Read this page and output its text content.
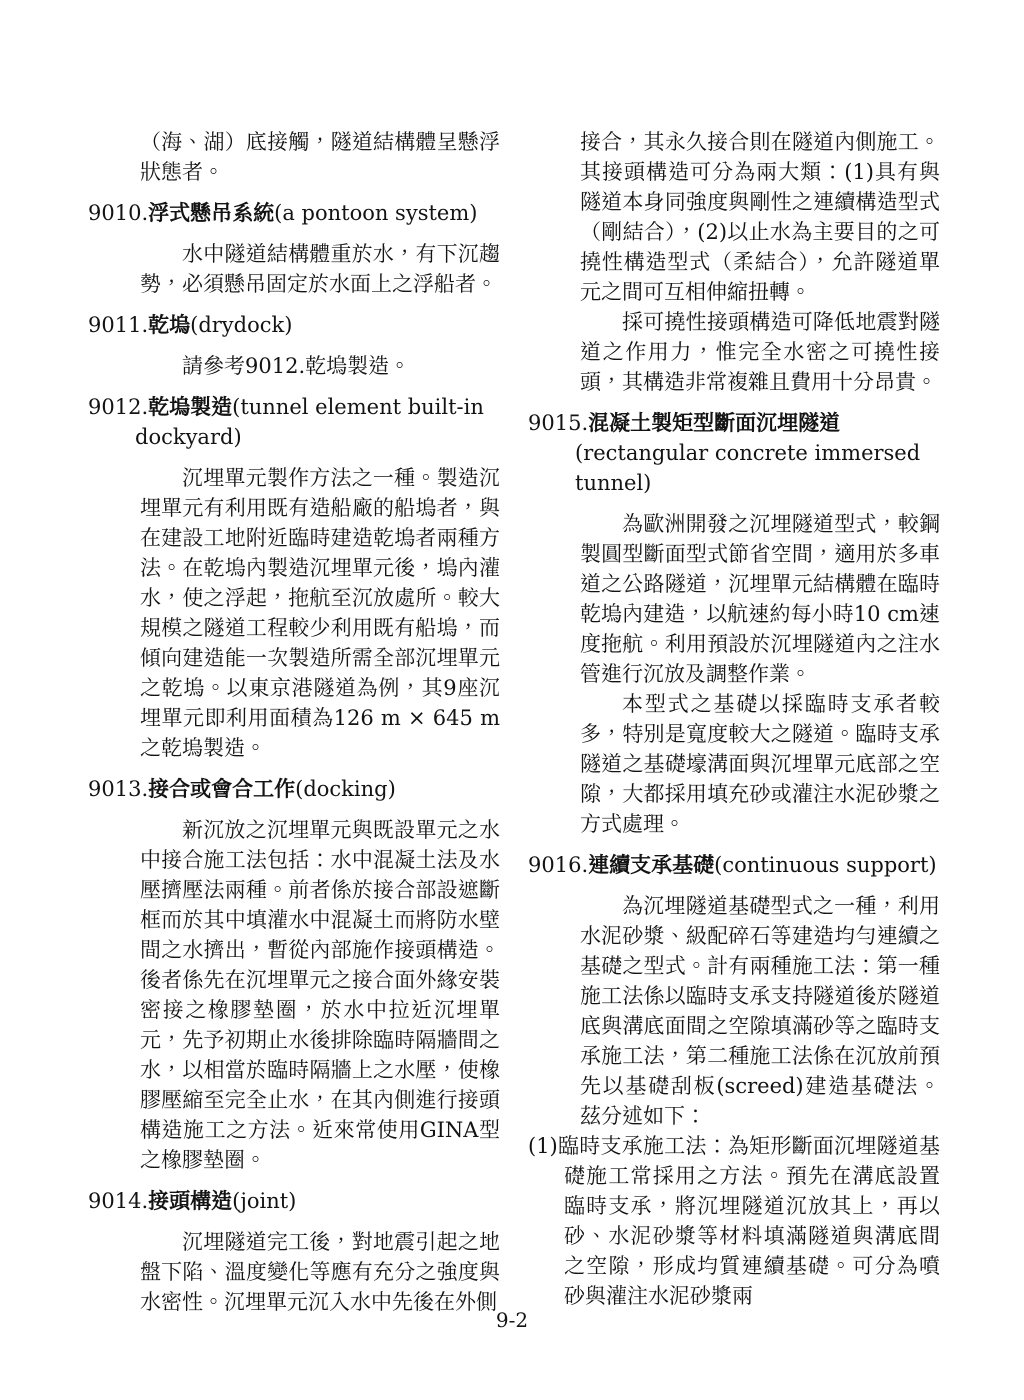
（海、湖）底接觸，隧道結構體呈懸浮狀態者。

9010.浮式懸吊系統(a pontoon system)

水中隧道結構體重於水，有下沉趨勢，必須懸吊固定於水面上之浮船者。

9011.乾塢(drydock)

請參考9012.乾塢製造。

9012.乾塢製造(tunnel element built-in dockyard)

沉埋單元製作方法之一種。製造沉埋單元有利用既有造船廠的船塢者，與在建設工地附近臨時建造乾塢者兩種方法。在乾塢內製造沉埋單元後，塢內灌水，使之浮起，拖航至沉放處所。較大規模之隧道工程較少利用既有船塢，而傾向建造能一次製造所需全部沉埋單元之乾塢。以東京港隧道為例，其9座沉埋單元即利用面積為126 m × 645 m之乾塢製造。

9013.接合或會合工作(docking)

新沉放之沉埋單元與既設單元之水中接合施工法包括：水中混凝土法及水壓擠壓法兩種。前者係於接合部設遮斷框而於其中填灌水中混凝土而將防水壁間之水擠出，暫從內部施作接頭構造。後者係先在沉埋單元之接合面外緣安裝密接之橡膠墊圈，於水中拉近沉埋單元，先予初期止水後排除臨時隔牆間之水，以相當於臨時隔牆上之水壓，使橡膠壓縮至完全止水，在其內側進行接頭構造施工之方法。近來常使用GINA型之橡膠墊圈。

9014.接頭構造(joint)

沉埋隧道完工後，對地震引起之地盤下陷、溫度變化等應有充分之強度與水密性。沉埋單元沉入水中先後在外側

接合，其永久接合則在隧道內側施工。其接頭構造可分為兩大類：(1)具有與隧道本身同強度與剛性之連續構造型式（剛結合），(2)以止水為主要目的之可撓性構造型式（柔結合），允許隧道單元之間可互相伸縮扭轉。

採可撓性接頭構造可降低地震對隧道之作用力，惟完全水密之可撓性接頭，其構造非常複雜且費用十分昂貴。

9015.混凝土製矩型斷面沉埋隧道(rectangular concrete immersed tunnel)

為歐洲開發之沉埋隧道型式，較鋼製圓型斷面型式節省空間，適用於多車道之公路隧道，沉埋單元結構體在臨時乾塢內建造，以航速約每小時10 cm速度拖航。利用預設於沉埋隧道內之注水管進行沉放及調整作業。

本型式之基礎以採臨時支承者較多，特別是寬度較大之隧道。臨時支承隧道之基礎壕溝面與沉埋單元底部之空隙，大都採用填充砂或灌注水泥砂漿之方式處理。

9016.連續支承基礎(continuous support)

為沉埋隧道基礎型式之一種，利用水泥砂漿、級配碎石等建造均勻連續之基礎之型式。計有兩種施工法：第一種施工法係以臨時支承支持隧道後於隧道底與溝底面間之空隙填滿砂等之臨時支承施工法，第二種施工法係在沉放前預先以基礎刮板(screed)建造基礎法。茲分述如下：

(1)臨時支承施工法：為矩形斷面沉埋隧道基礎施工常採用之方法。預先在溝底設置臨時支承，將沉埋隧道沉放其上，再以砂、水泥砂漿等材料填滿隧道與溝底間之空隙，形成均質連續基礎。可分為噴砂與灌注水泥砂漿兩

9-2
